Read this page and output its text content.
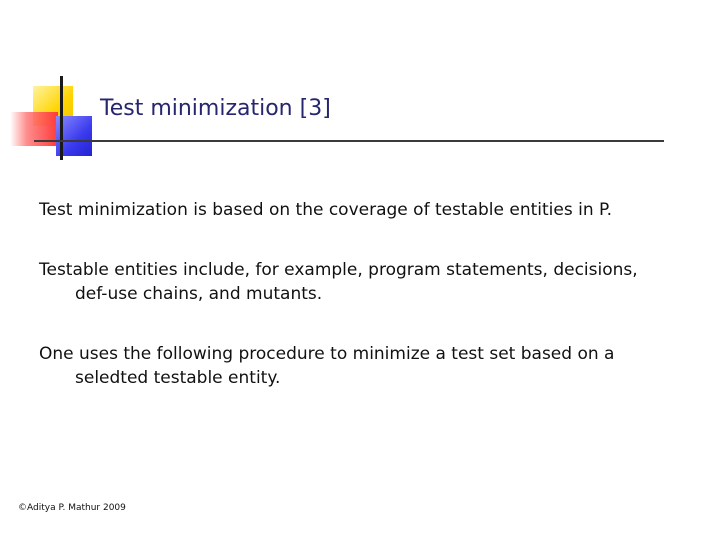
Test minimization [3]

Test minimization is based on the coverage of testable entities in P.

Testable entities include, for example, program statements, decisions, def-use chains, and mutants.

One uses the following procedure to minimize a test set based on a seledted testable entity.

©Aditya P. Mathur 2009
